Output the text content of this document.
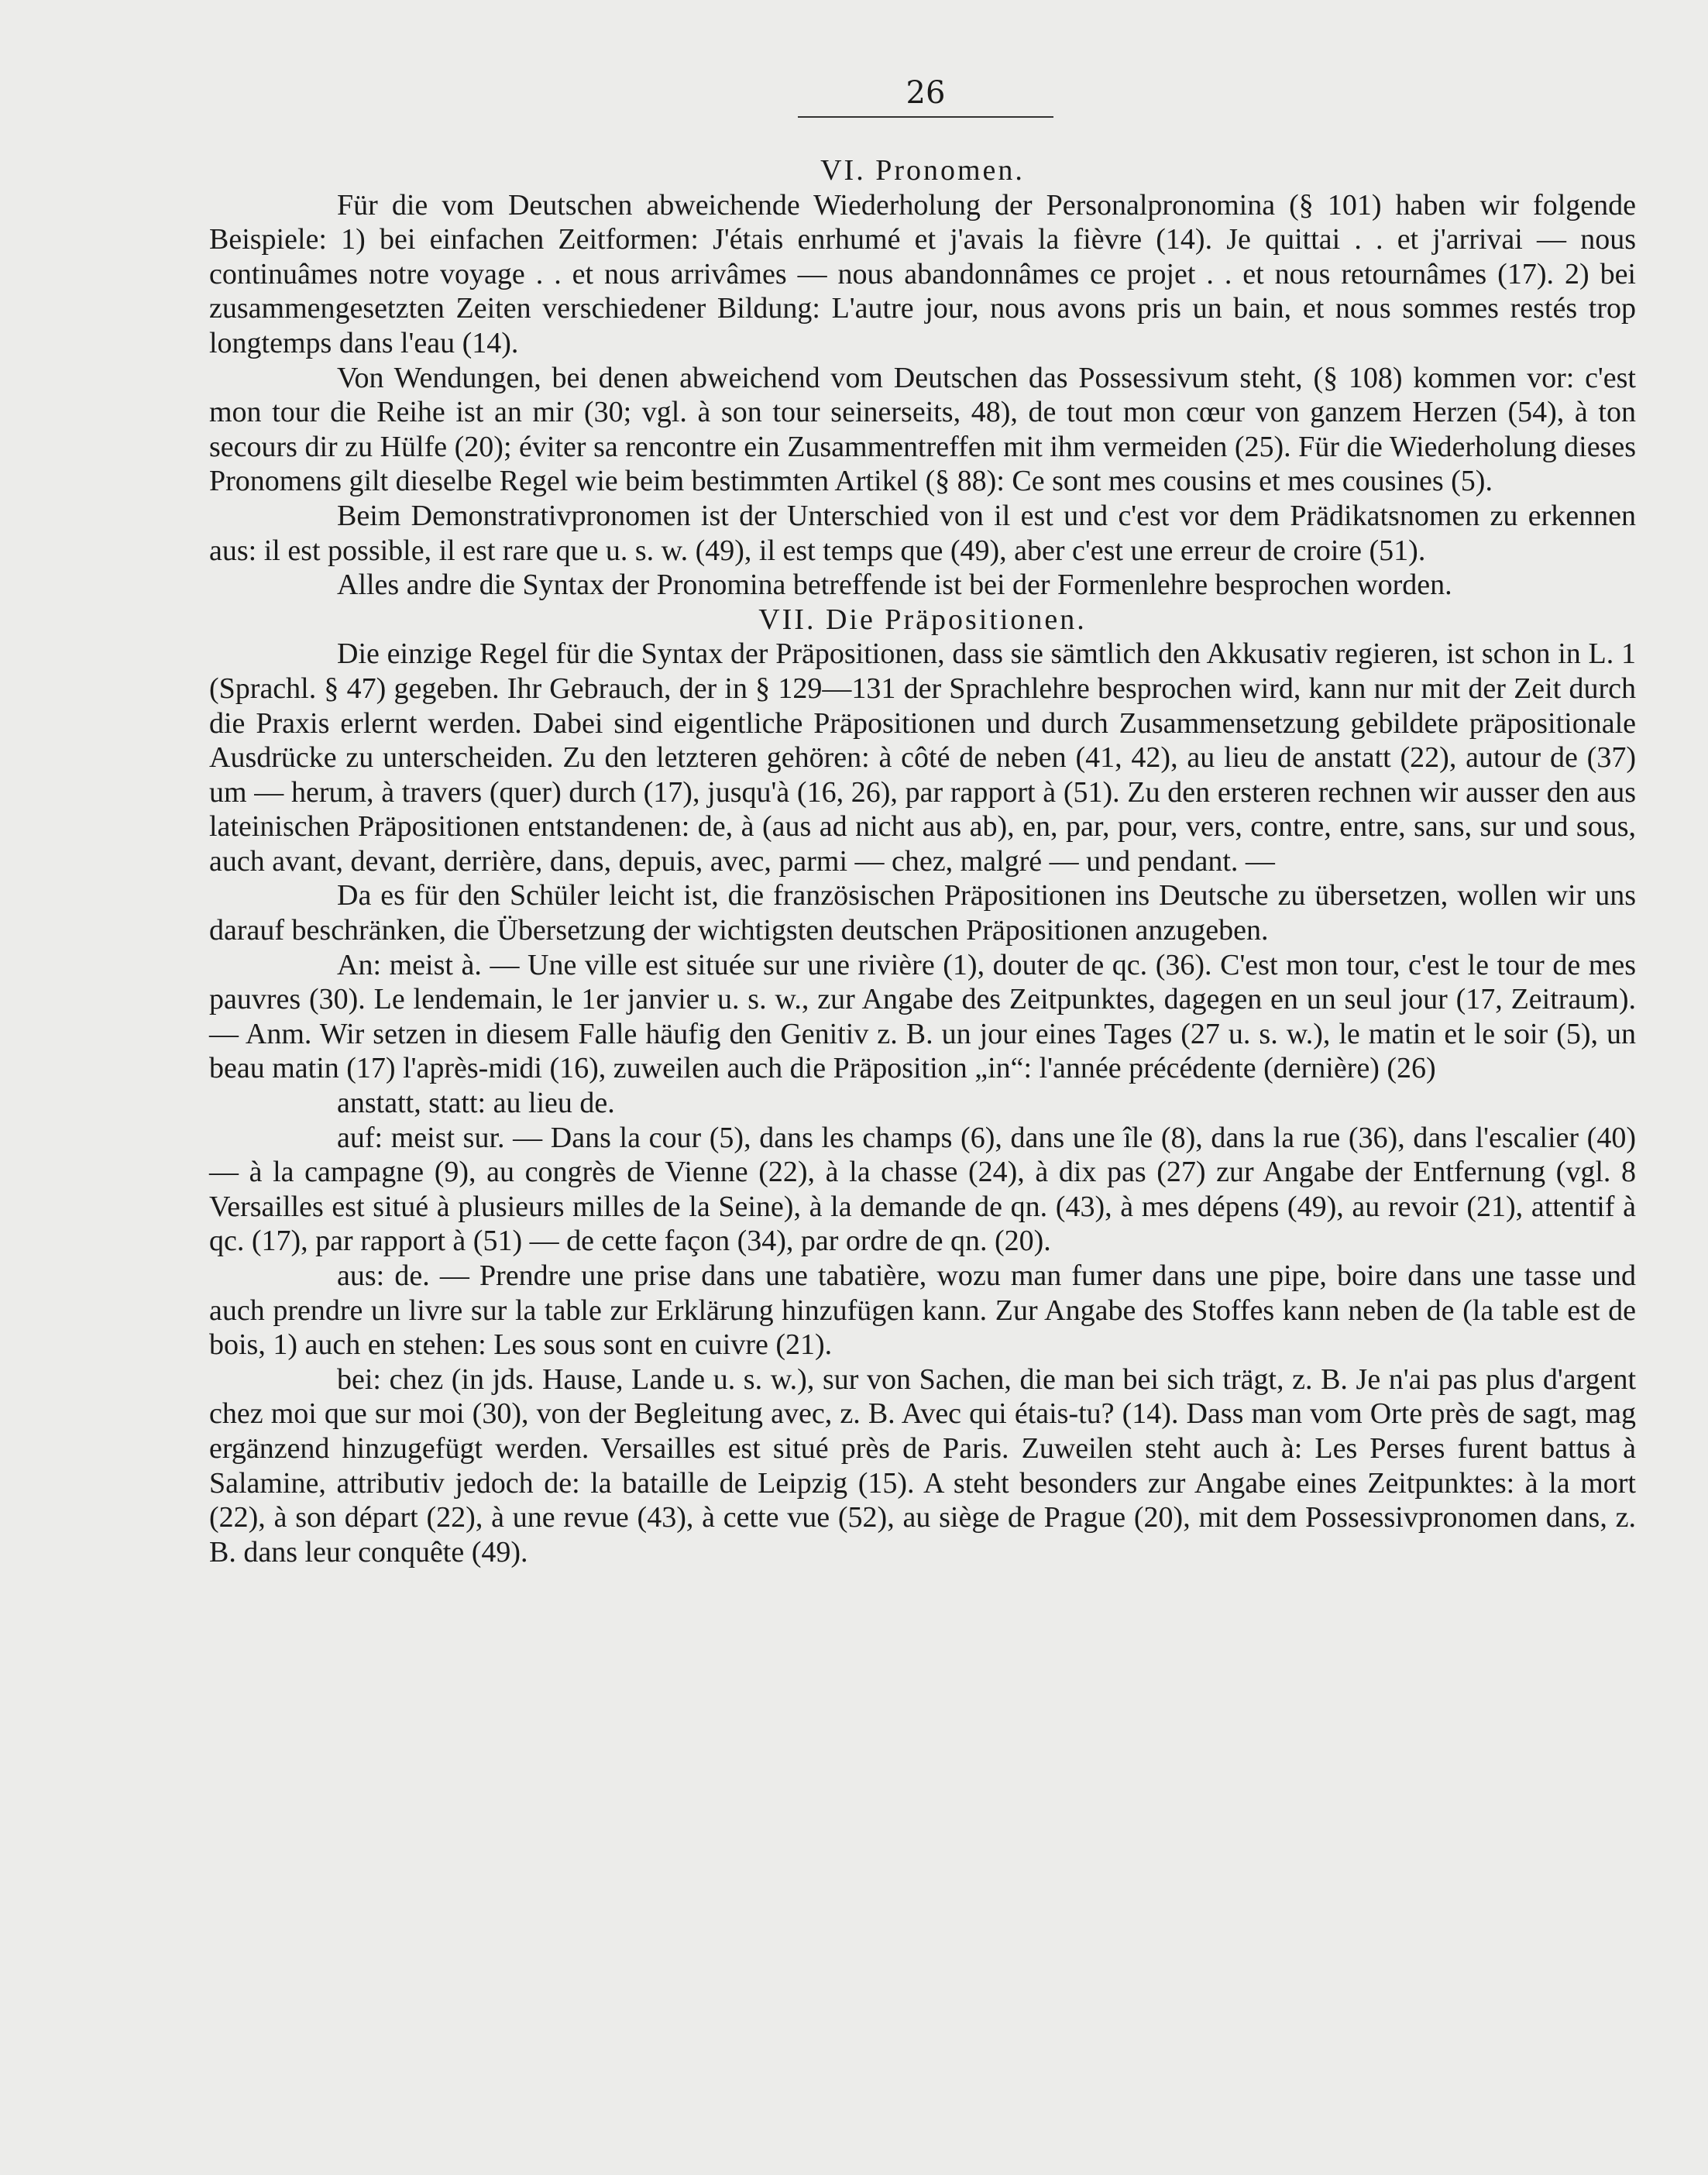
26
VI. Pronomen.

Für die vom Deutschen abweichende Wiederholung der Personalpronomina (§ 101) haben wir folgende Beispiele: 1) bei einfachen Zeitformen: J'étais enrhumé et j'avais la fièvre (14). Je quittai . . et j'arrivai — nous continuâmes notre voyage . . et nous arrivâmes — nous abandonnâmes ce projet . . et nous retournâmes (17). 2) bei zusammengesetzten Zeiten verschiedener Bildung: L'autre jour, nous avons pris un bain, et nous sommes restés trop longtemps dans l'eau (14).

Von Wendungen, bei denen abweichend vom Deutschen das Possessivum steht, (§ 108) kommen vor: c'est mon tour die Reihe ist an mir (30; vgl. à son tour seinerseits, 48), de tout mon cœur von ganzem Herzen (54), à ton secours dir zu Hülfe (20); éviter sa rencontre ein Zusammentreffen mit ihm vermeiden (25). Für die Wiederholung dieses Pronomens gilt dieselbe Regel wie beim bestimmten Artikel (§ 88): Ce sont mes cousins et mes cousines (5).

Beim Demonstrativpronomen ist der Unterschied von il est und c'est vor dem Prädikatsnomen zu erkennen aus: il est possible, il est rare que u. s. w. (49), il est temps que (49), aber c'est une erreur de croire (51).

Alles andre die Syntax der Pronomina betreffende ist bei der Formenlehre besprochen worden.

VII. Die Präpositionen.

Die einzige Regel für die Syntax der Präpositionen, dass sie sämtlich den Akkusativ regieren, ist schon in L. 1 (Sprachl. § 47) gegeben. Ihr Gebrauch, der in § 129—131 der Sprachlehre besprochen wird, kann nur mit der Zeit durch die Praxis erlernt werden. Dabei sind eigentliche Präpositionen und durch Zusammensetzung gebildete präpositionale Ausdrücke zu unterscheiden. Zu den letzteren gehören: à côté de neben (41, 42), au lieu de anstatt (22), autour de (37) um — herum, à travers (quer) durch (17), jusqu'à (16, 26), par rapport à (51). Zu den ersteren rechnen wir ausser den aus lateinischen Präpositionen entstandenen: de, à (aus ad nicht aus ab), en, par, pour, vers, contre, entre, sans, sur und sous, auch avant, devant, derrière, dans, depuis, avec, parmi — chez, malgré — und pendant. —

Da es für den Schüler leicht ist, die französischen Präpositionen ins Deutsche zu übersetzen, wollen wir uns darauf beschränken, die Übersetzung der wichtigsten deutschen Präpositionen anzugeben.

An: meist à. — Une ville est située sur une rivière (1), douter de qc. (36). C'est mon tour, c'est le tour de mes pauvres (30). Le lendemain, le 1er janvier u. s. w., zur Angabe des Zeitpunktes, dagegen en un seul jour (17, Zeitraum). — Anm. Wir setzen in diesem Falle häufig den Genitiv z. B. un jour eines Tages (27 u. s. w.), le matin et le soir (5), un beau matin (17) l'après-midi (16), zuweilen auch die Präposition „in“: l'année précédente (dernière) (26)

anstatt, statt: au lieu de.

auf: meist sur. — Dans la cour (5), dans les champs (6), dans une île (8), dans la rue (36), dans l'escalier (40) — à la campagne (9), au congrès de Vienne (22), à la chasse (24), à dix pas (27) zur Angabe der Entfernung (vgl. 8 Versailles est situé à plusieurs milles de la Seine), à la demande de qn. (43), à mes dépens (49), au revoir (21), attentif à qc. (17), par rapport à (51) — de cette façon (34), par ordre de qn. (20).

aus: de. — Prendre une prise dans une tabatière, wozu man fumer dans une pipe, boire dans une tasse und auch prendre un livre sur la table zur Erklärung hinzufügen kann. Zur Angabe des Stoffes kann neben de (la table est de bois, 1) auch en stehen: Les sous sont en cuivre (21).

bei: chez (in jds. Hause, Lande u. s. w.), sur von Sachen, die man bei sich trägt, z. B. Je n'ai pas plus d'argent chez moi que sur moi (30), von der Begleitung avec, z. B. Avec qui étais-tu? (14). Dass man vom Orte près de sagt, mag ergänzend hinzugefügt werden. Versailles est situé près de Paris. Zuweilen steht auch à: Les Perses furent battus à Salamine, attributiv jedoch de: la bataille de Leipzig (15). A steht besonders zur Angabe eines Zeitpunktes: à la mort (22), à son départ (22), à une revue (43), à cette vue (52), au siège de Prague (20), mit dem Possessivpronomen dans, z. B. dans leur conquête (49).
